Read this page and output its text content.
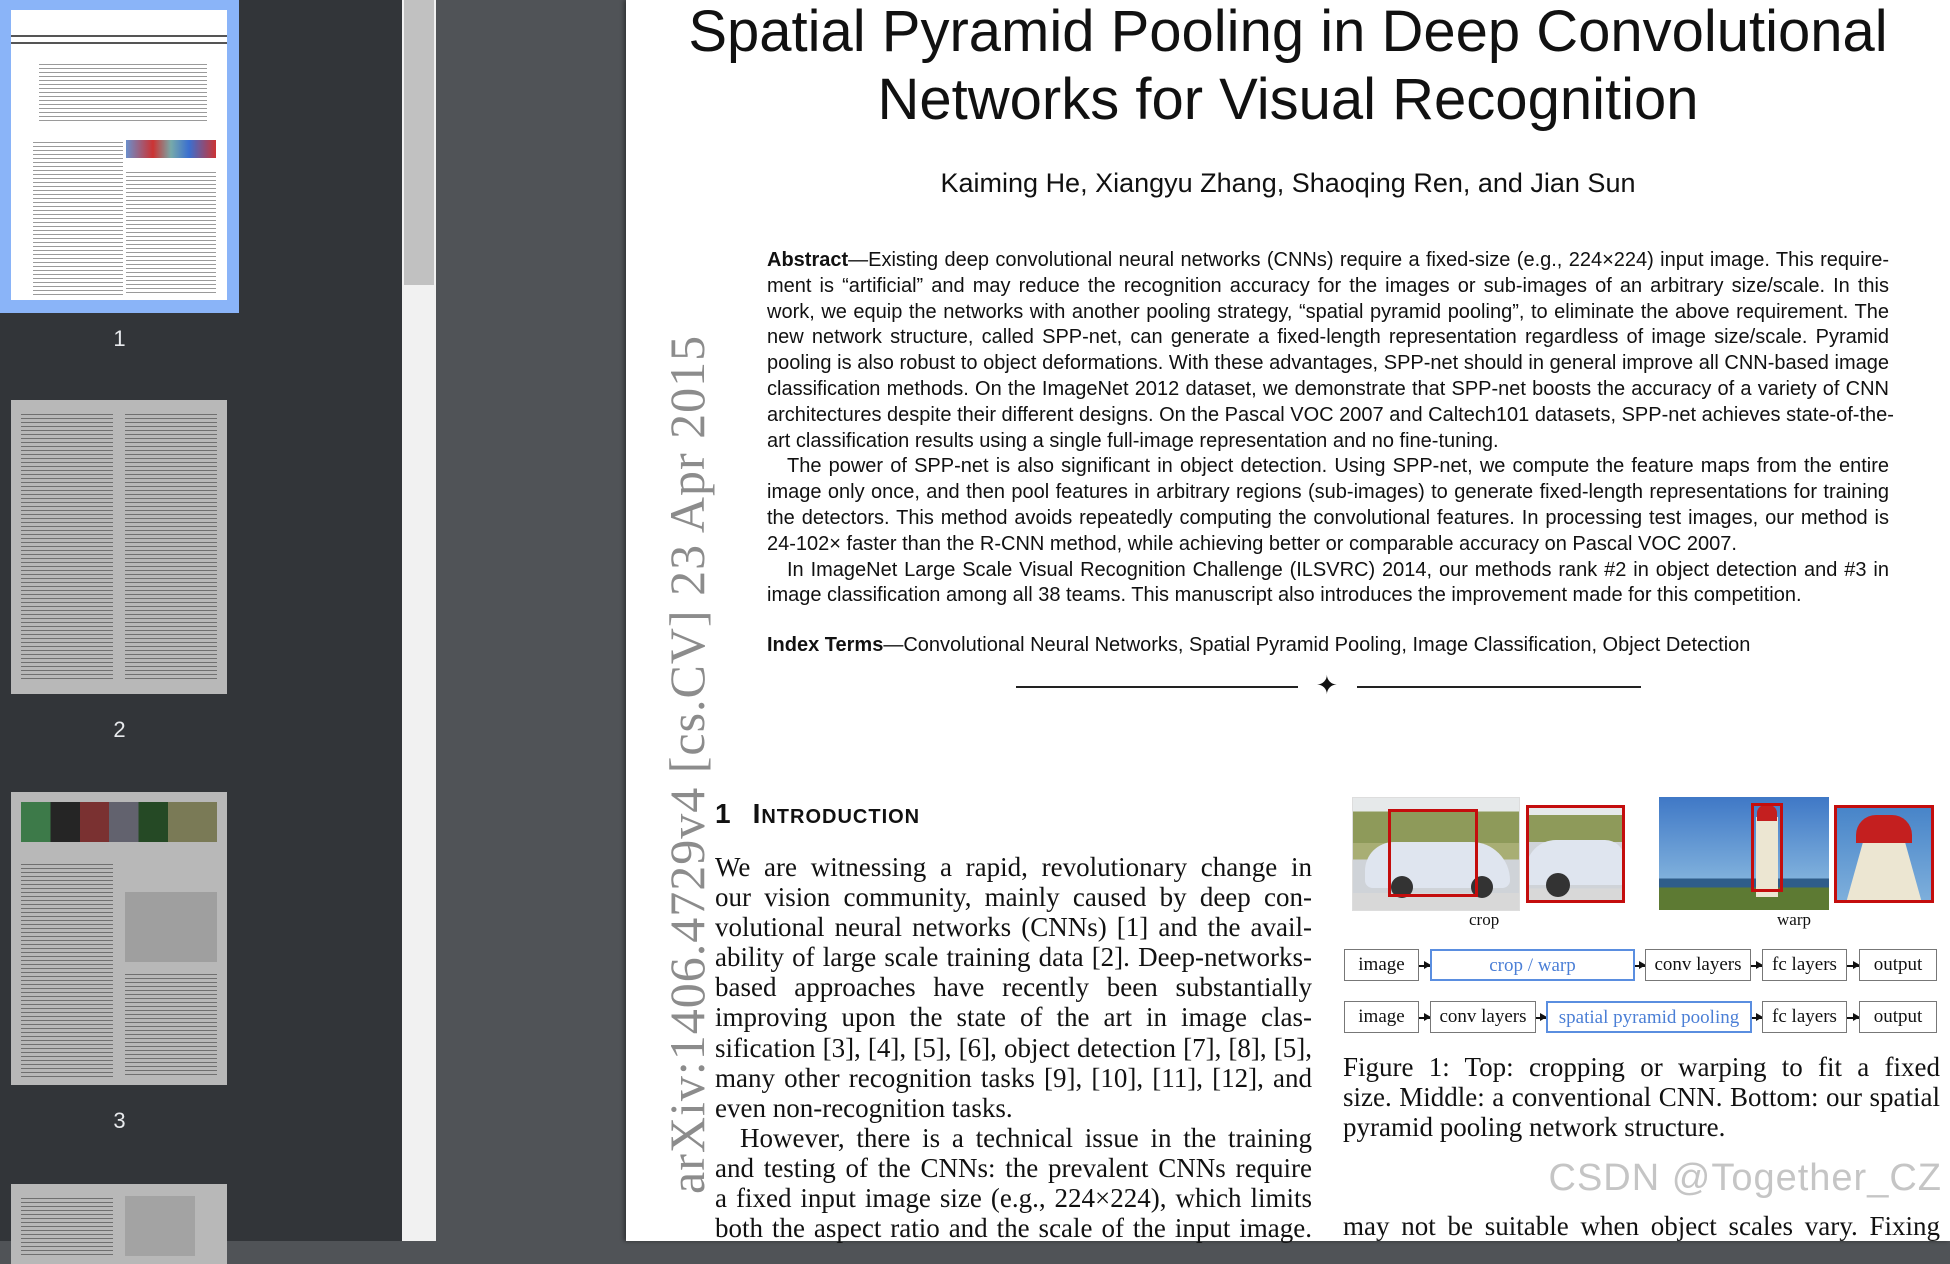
1
2
3
Spatial Pyramid Pooling in Deep Convolutional
Networks for Visual Recognition
Kaiming He, Xiangyu Zhang, Shaoqing Ren, and Jian Sun
Abstract—Existing deep convolutional neural networks (CNNs) require a fixed-size (e.g., 224×224) input image. This require-
ment is “artificial” and may reduce the recognition accuracy for the images or sub-images of an arbitrary size/scale. In this
work, we equip the networks with another pooling strategy, “spatial pyramid pooling”, to eliminate the above requirement. The
new network structure, called SPP-net, can generate a fixed-length representation regardless of image size/scale. Pyramid
pooling is also robust to object deformations. With these advantages, SPP-net should in general improve all CNN-based image
classification methods. On the ImageNet 2012 dataset, we demonstrate that SPP-net boosts the accuracy of a variety of CNN
architectures despite their different designs. On the Pascal VOC 2007 and Caltech101 datasets, SPP-net achieves state-of-the-
art classification results using a single full-image representation and no fine-tuning.
The power of SPP-net is also significant in object detection. Using SPP-net, we compute the feature maps from the entire
image only once, and then pool features in arbitrary regions (sub-images) to generate fixed-length representations for training
the detectors. This method avoids repeatedly computing the convolutional features. In processing test images, our method is
24-102× faster than the R-CNN method, while achieving better or comparable accuracy on Pascal VOC 2007.
In ImageNet Large Scale Visual Recognition Challenge (ILSVRC) 2014, our methods rank #2 in object detection and #3 in
image classification among all 38 teams. This manuscript also introduces the improvement made for this competition.
Index Terms—Convolutional Neural Networks, Spatial Pyramid Pooling, Image Classification, Object Detection
✦
arXiv:1406.4729v4 [cs.CV] 23 Apr 2015 1 Introduction
We are witnessing a rapid, revolutionary change in
our vision community, mainly caused by deep con-
volutional neural networks (CNNs) [1] and the avail-
ability of large scale training data [2]. Deep-networks-
based approaches have recently been substantially
improving upon the state of the art in image clas-
sification [3], [4], [5], [6], object detection [7], [8], [5],
many other recognition tasks [9], [10], [11], [12], and
even non-recognition tasks.
However, there is a technical issue in the training
and testing of the CNNs: the prevalent CNNs require
a fixed input image size (e.g., 224×224), which limits
both the aspect ratio and the scale of the input image.
crop	warp
image	crop / warp	conv layers	fc layers	output
image	conv layers	spatial pyramid pooling	fc layers	output
Figure 1: Top: cropping or warping to fit a fixed
size. Middle: a conventional CNN. Bottom: our spatial
pyramid pooling network structure.
may not be suitable when object scales vary. Fixing
CSDN @Together_CZ
